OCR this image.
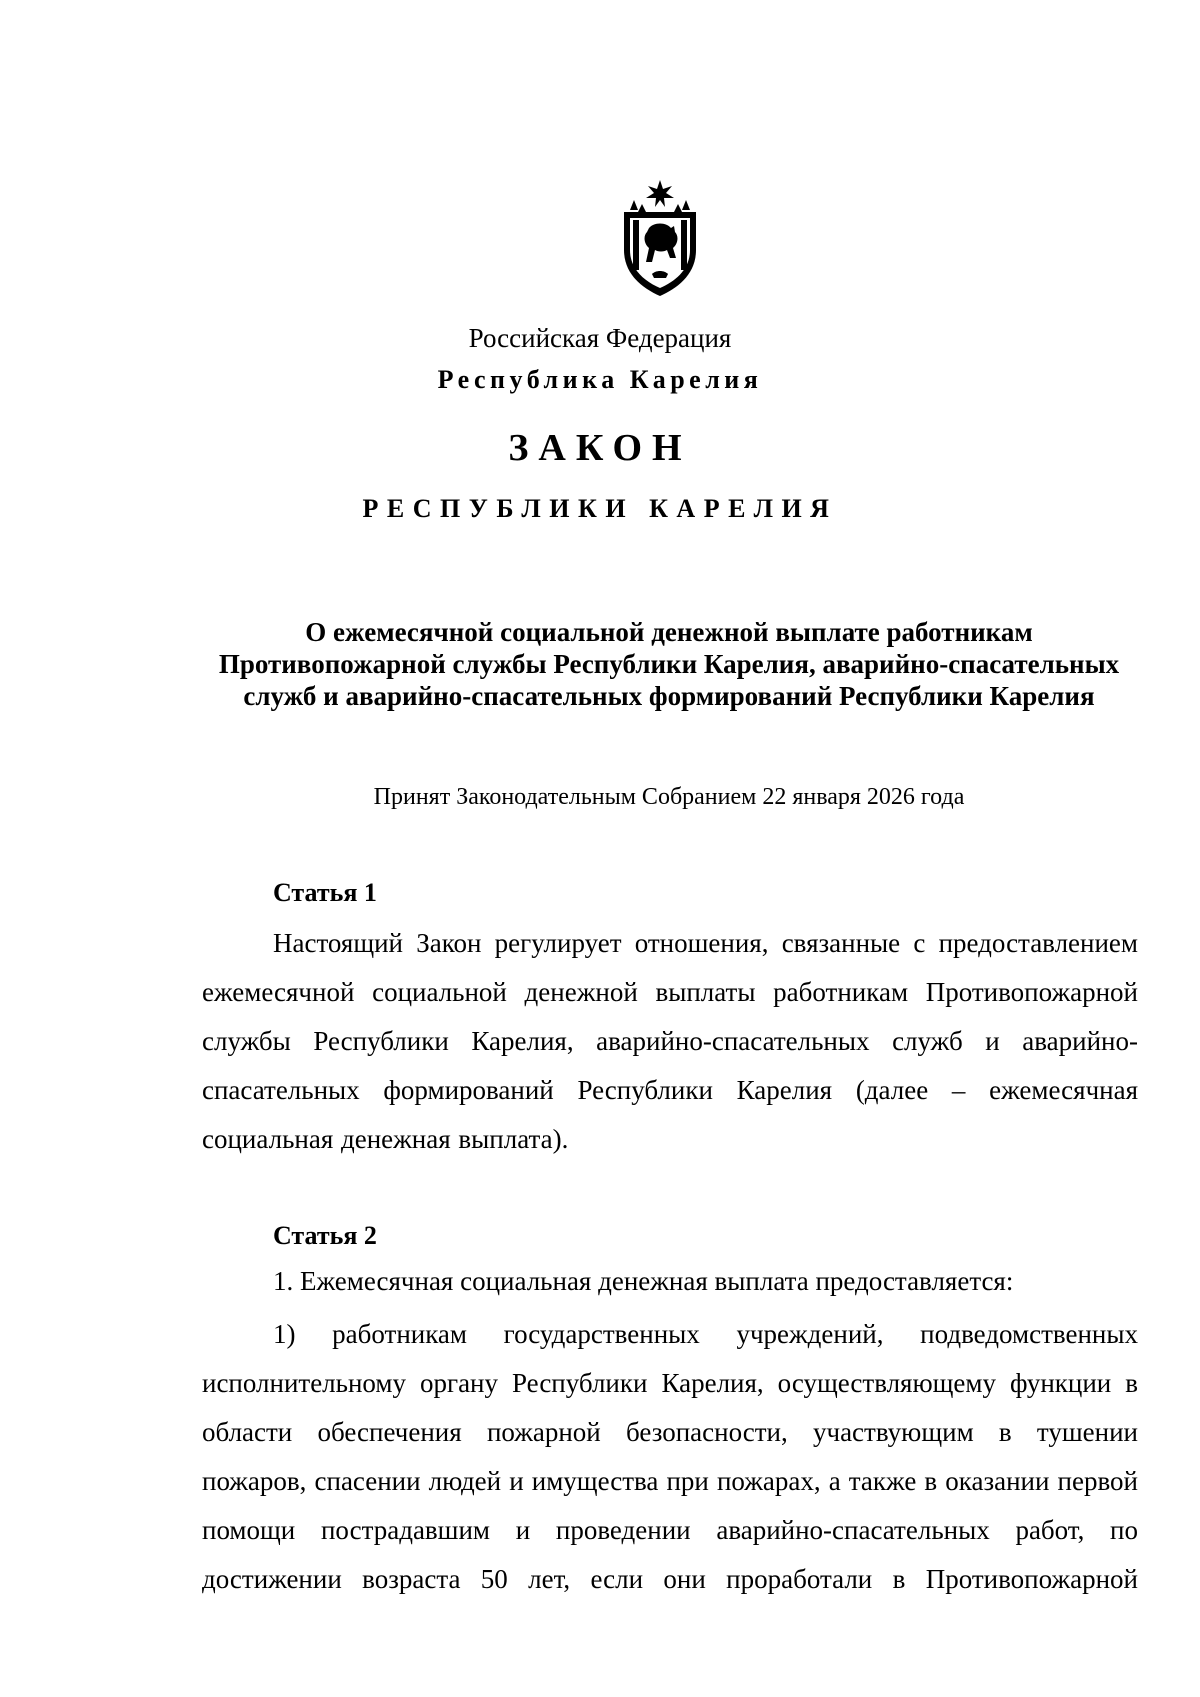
Российская Федерация
Республика Карелия
ЗАКОН
РЕСПУБЛИКИ КАРЕЛИЯ
О ежемесячной социальной денежной выплате работникам Противопожарной службы Республики Карелия, аварийно-спасательных служб и аварийно-спасательных формирований Республики Карелия
Принят Законодательным Собранием 22 января 2026 года
Статья 1

Настоящий Закон регулирует отношения, связанные с предоставлением ежемесячной социальной денежной выплаты работникам Противопожарной службы Республики Карелия, аварийно-спасательных служб и аварийно-спасательных формирований Республики Карелия (далее – ежемесячная социальная денежная выплата).

Статья 2
1. Ежемесячная социальная денежная выплата предоставляется:

1) работникам государственных учреждений, подведомственных исполнительному органу Республики Карелия, осуществляющему функции в области обеспечения пожарной безопасности, участвующим в тушении пожаров, спасении людей и имущества при пожарах, а также в оказании первой помощи пострадавшим и проведении аварийно-спасательных работ, по достижении возраста 50 лет, если они проработали в Противопожарной
